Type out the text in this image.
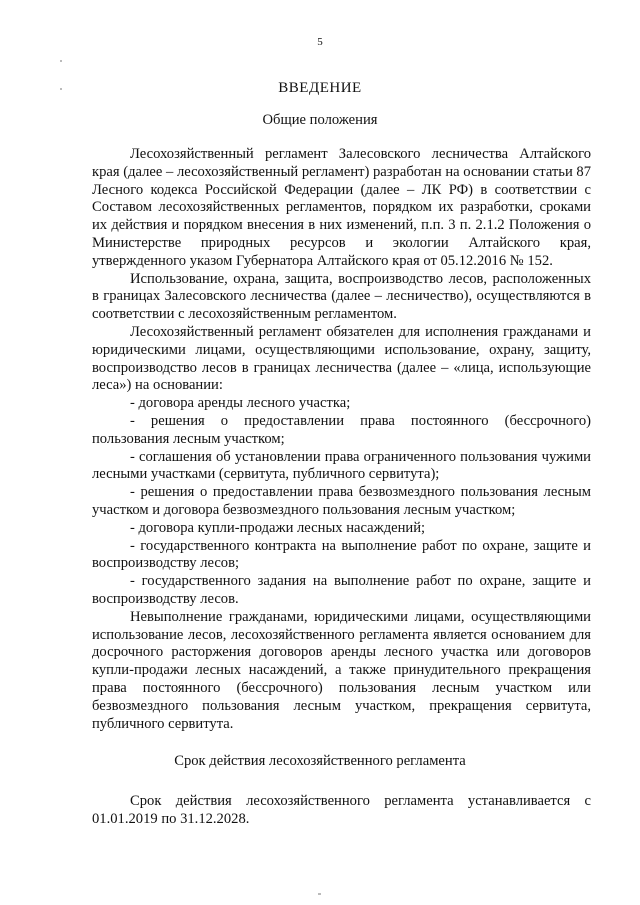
5
ВВЕДЕНИЕ
Общие положения

Лесохозяйственный регламент Залесовского лесничества Алтайского края (далее – лесохозяйственный регламент) разработан на основании статьи 87 Лесного кодекса Российской Федерации (далее – ЛК РФ) в соответствии с Составом лесохозяйственных регламентов, порядком их разработки, сроками их действия и порядком внесения в них изменений, п.п. 3 п. 2.1.2 Положения о Министерстве природных ресурсов и экологии Алтайского края, утвержденного указом Губернатора Алтайского края от 05.12.2016 № 152.

Использование, охрана, защита, воспроизводство лесов, расположенных в границах Залесовского лесничества (далее – лесничество), осуществляются в соответствии с лесохозяйственным регламентом.

Лесохозяйственный регламент обязателен для исполнения гражданами и юридическими лицами, осуществляющими использование, охрану, защиту, воспроизводство лесов в границах лесничества (далее – «лица, использующие леса») на основании:

- договора аренды лесного участка;

- решения о предоставлении права постоянного (бессрочного) пользования лесным участком;

- соглашения об установлении права ограниченного пользования чужими лесными участками (сервитута, публичного сервитута);

- решения о предоставлении права безвозмездного пользования лесным участком и договора безвозмездного пользования лесным участком;

- договора купли-продажи лесных насаждений;

- государственного контракта на выполнение работ по охране, защите и воспроизводству лесов;

- государственного задания на выполнение работ по охране, защите и воспроизводству лесов.

Невыполнение гражданами, юридическими лицами, осуществляющими использование лесов, лесохозяйственного регламента является основанием для досрочного расторжения договоров аренды лесного участка или договоров купли-продажи лесных насаждений, а также принудительного прекращения права постоянного (бессрочного) пользования лесным участком или безвозмездного пользования лесным участком, прекращения сервитута, публичного сервитута.

Срок действия лесохозяйственного регламента

Срок действия лесохозяйственного регламента устанавливается с 01.01.2019 по 31.12.2028.
